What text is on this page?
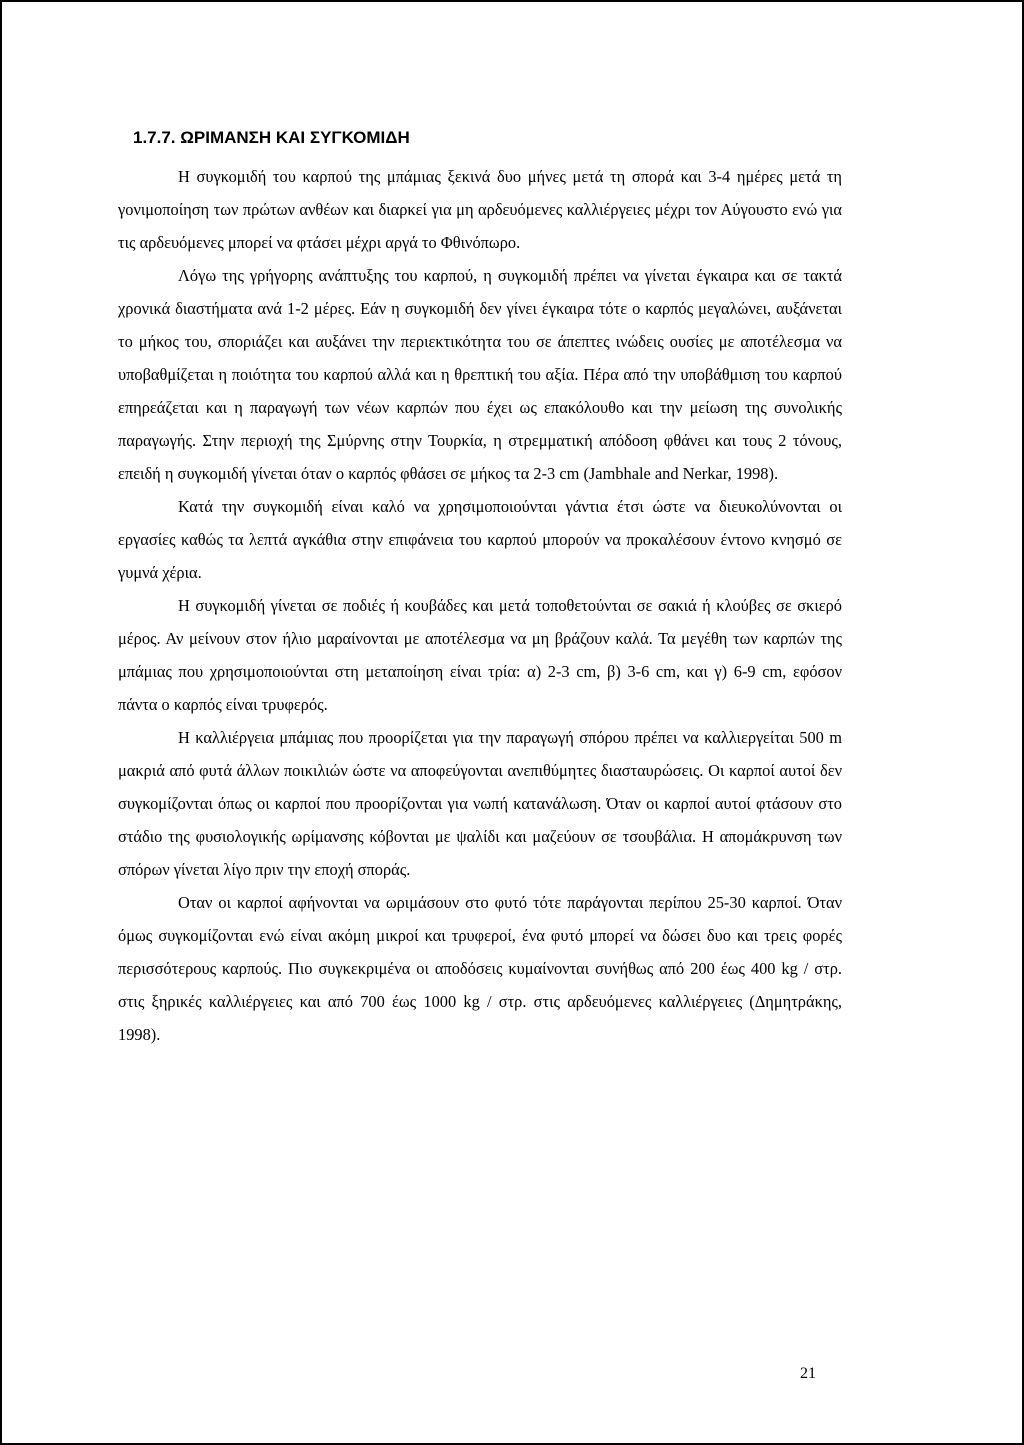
1.7.7. ΩΡΙΜΑΝΣΗ ΚΑΙ ΣΥΓΚΟΜΙΔΗ

Η συγκομιδή του καρπού της μπάμιας ξεκινά δυο μήνες μετά τη σπορά και 3-4 ημέρες μετά τη γονιμοποίηση των πρώτων ανθέων και διαρκεί για μη αρδευόμενες καλλιέργειες μέχρι τον Αύγουστο ενώ για τις αρδευόμενες μπορεί να φτάσει μέχρι αργά το Φθινόπωρο.

Λόγω της γρήγορης ανάπτυξης του καρπού, η συγκομιδή πρέπει να γίνεται έγκαιρα και σε τακτά χρονικά διαστήματα ανά 1-2 μέρες. Εάν η συγκομιδή δεν γίνει έγκαιρα τότε ο καρπός μεγαλώνει, αυξάνεται το μήκος του, σποριάζει και αυξάνει την περιεκτικότητα του σε άπεπτες ινώδεις ουσίες με αποτέλεσμα να υποβαθμίζεται η ποιότητα του καρπού αλλά και η θρεπτική του αξία. Πέρα από την υποβάθμιση του καρπού επηρεάζεται και η παραγωγή των νέων καρπών που έχει ως επακόλουθο και την μείωση της συνολικής παραγωγής. Στην περιοχή της Σμύρνης στην Τουρκία, η στρεμματική απόδοση φθάνει και τους 2 τόνους, επειδή η συγκομιδή γίνεται όταν ο καρπός φθάσει σε μήκος τα 2-3 cm (Jambhale and Nerkar, 1998).

Κατά την συγκομιδή είναι καλό να χρησιμοποιούνται γάντια έτσι ώστε να διευκολύνονται οι εργασίες καθώς τα λεπτά αγκάθια στην επιφάνεια του καρπού μπορούν να προκαλέσουν έντονο κνησμό σε γυμνά χέρια.

Η συγκομιδή γίνεται σε ποδιές ή κουβάδες και μετά τοποθετούνται σε σακιά ή κλούβες σε σκιερό μέρος. Αν μείνουν στον ήλιο μαραίνονται με αποτέλεσμα να μη βράζουν καλά. Τα μεγέθη των καρπών της μπάμιας που χρησιμοποιούνται στη μεταποίηση είναι τρία: α) 2-3 cm, β) 3-6 cm, και γ) 6-9 cm, εφόσον πάντα ο καρπός είναι τρυφερός.

Η καλλιέργεια μπάμιας που προορίζεται για την παραγωγή σπόρου πρέπει να καλλιεργείται 500 m μακριά από φυτά άλλων ποικιλιών ώστε να αποφεύγονται ανεπιθύμητες διασταυρώσεις. Οι καρποί αυτοί δεν συγκομίζονται όπως οι καρποί που προορίζονται για νωπή κατανάλωση. Όταν οι καρποί αυτοί φτάσουν στο στάδιο της φυσιολογικής ωρίμανσης κόβονται με ψαλίδι και μαζεύουν σε τσουβάλια. Η απομάκρυνση των σπόρων γίνεται λίγο πριν την εποχή σποράς.

Οταν οι καρποί αφήνονται να ωριμάσουν στο φυτό τότε παράγονται περίπου 25-30 καρποί. Όταν όμως συγκομίζονται ενώ είναι ακόμη μικροί και τρυφεροί, ένα φυτό μπορεί να δώσει δυο και τρεις φορές περισσότερους καρπούς. Πιο συγκεκριμένα οι αποδόσεις κυμαίνονται συνήθως από 200 έως 400 kg / στρ. στις ξηρικές καλλιέργειες και από 700 έως 1000 kg / στρ. στις αρδευόμενες καλλιέργειες (Δημητράκης, 1998).

21
